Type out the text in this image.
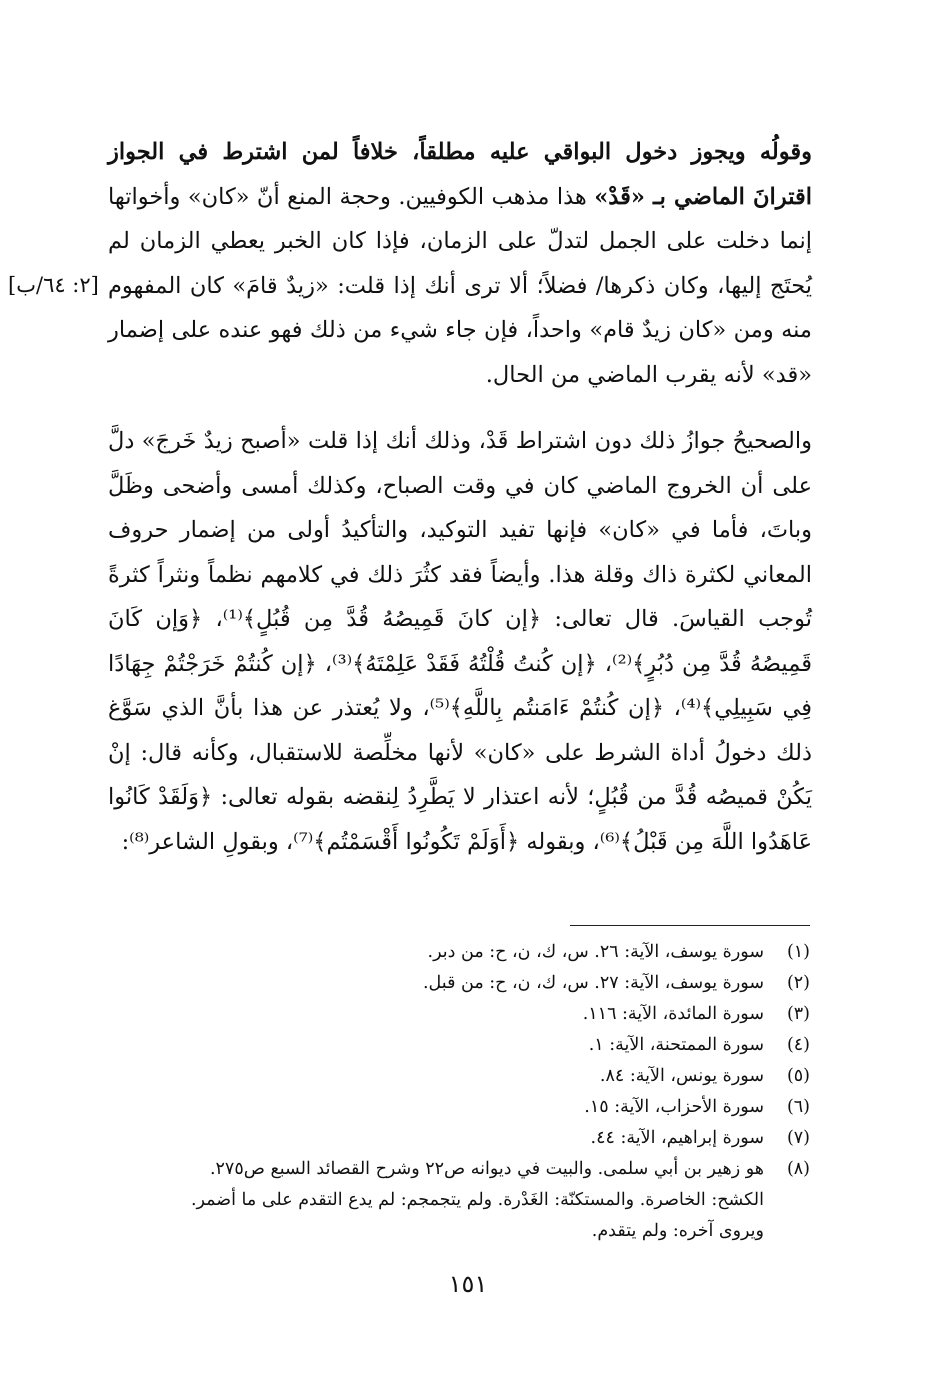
[٢: ٦٤/ب]

وقولُه ويجوز دخول البواقي عليه مطلقاً، خلافاً لمن اشترط في الجواز اقترانَ الماضي بـ «قَدْ» هذا مذهب الكوفيين. وحجة المنع أنّ «كان» وأخواتها إنما دخلت على الجمل لتدلّ على الزمان، فإذا كان الخبر يعطي الزمان لم يُحتَج إليها، وكان ذكرها/ فضلاً؛ ألا ترى أنك إذا قلت: «زيدٌ قامَ» كان المفهوم منه ومن «كان زيدٌ قام» واحداً، فإن جاء شيء من ذلك فهو عنده على إضمار «قد» لأنه يقرب الماضي من الحال.

والصحيحُ جوازُ ذلك دون اشتراط قَدْ، وذلك أنك إذا قلت «أصبح زيدٌ خَرجَ» دلَّ على أن الخروج الماضي كان في وقت الصباح، وكذلك أمسى وأضحى وظَلَّ وباتَ، فأما في «كان» فإنها تفيد التوكيد، والتأكيدُ أولى من إضمار حروف المعاني لكثرة ذاك وقلة هذا. وأيضاً فقد كثُرَ ذلك في كلامهم نظماً ونثراً كثرةً تُوجب القياسَ. قال تعالى: ﴿إن كانَ قَمِيصُهُ قُدَّ مِن قُبُلٍ﴾⁽¹⁾، ﴿وَإن كَانَ قَمِيصُهُ قُدَّ مِن دُبُرٍ﴾⁽²⁾، ﴿إن كُنتُ قُلْتُهُ فَقَدْ عَلِمْتَهُ﴾⁽³⁾، ﴿إن كُنتُمْ خَرَجْتُمْ جِهَادًا فِي سَبِيلِي﴾⁽⁴⁾، ﴿إن كُنتُمْ ءَامَنتُم بِاللَّهِ﴾⁽⁵⁾، ولا يُعتذر عن هذا بأنَّ الذي سَوَّغ ذلك دخولُ أداة الشرط على «كان» لأنها مخلِّصة للاستقبال، وكأنه قال: إنْ يَكُنْ قميصُه قُدَّ من قُبُلٍ؛ لأنه اعتذار لا يَطَّرِدُ لِنقضه بقوله تعالى: ﴿وَلَقَدْ كَانُوا عَاهَدُوا اللَّهَ مِن قَبْلُ﴾⁽⁶⁾، وبقوله ﴿أَوَلَمْ تَكُونُوا أَقْسَمْتُم﴾⁽⁷⁾، وبقولِ الشاعر⁽⁸⁾:

(١)
سورة يوسف، الآية: ٢٦. س، ك، ن، ح: من دبر.
(٢)
سورة يوسف، الآية: ٢٧. س، ك، ن، ح: من قبل.
(٣)
سورة المائدة، الآية: ١١٦.
(٤)
سورة الممتحنة، الآية: ١.
(٥)
سورة يونس، الآية: ٨٤.
(٦)
سورة الأحزاب، الآية: ١٥.
(٧)
سورة إبراهيم، الآية: ٤٤.
(٨)
هو زهير بن أبي سلمى. والبيت في ديوانه ص٢٢ وشرح القصائد السبع ص٢٧٥.
الكشح: الخاصرة. والمستكنّة: الغَدْرة. ولم يتجمجم: لم يدع التقدم على ما أضمر.
ويروى آخره: ولم يتقدم.
١٥١
